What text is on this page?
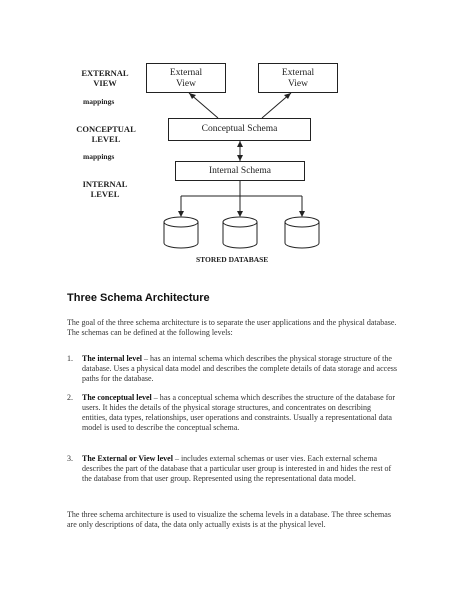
EXTERNAL
VIEW
mappings
CONCEPTUAL
LEVEL
mappings
INTERNAL
LEVEL
External
View
External
View
Conceptual Schema
Internal Schema
STORED DATABASE
Three Schema Architecture

The goal of the three schema architecture is to separate the user applications and the physical database. The schemas can be defined at the following levels:

1. The internal level – has an internal schema which describes the physical storage structure of the database. Uses a physical data model and describes the complete details of data storage and access paths for the database.

2. The conceptual level – has a conceptual schema which describes the structure of the database for users. It hides the details of the physical storage structures, and concentrates on describing entities, data types, relationships, user operations and constraints. Usually a representational data model is used to describe the conceptual schema.

3. The External or View level – includes external schemas or user vies. Each external schema describes the part of the database that a particular user group is interested in and hides the rest of the database from that user group. Represented using the representational data model.

The three schema architecture is used to visualize the schema levels in a database. The three schemas are only descriptions of data, the data only actually exists is at the physical level.
